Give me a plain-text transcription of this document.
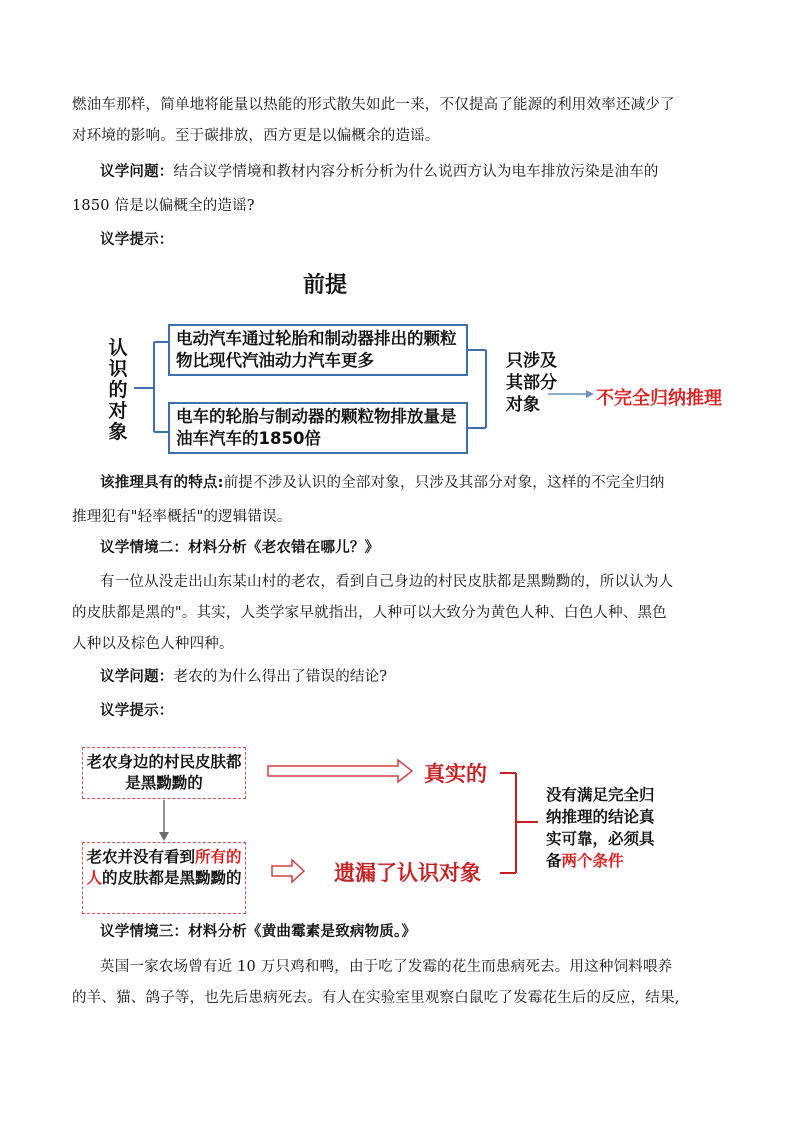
燃油车那样，简单地将能量以热能的形式散失如此一来，不仅提高了能源的利用效率还减少了
对环境的影响。至于碳排放，西方更是以偏概余的造谣。
议学问题：结合议学情境和教材内容分析分析为什么说西方认为电车排放污染是油车的
1850 倍是以偏概全的造谣?
议学提示：
前提
认
识
的
对
象
电动汽车通过轮胎和制动器排出的颗粒物比现代汽油动力汽车更多
电车的轮胎与制动器的颗粒物排放量是油车汽车的1850倍
只涉及其部分对象	不完全归纳推理
该推理具有的特点:前提不涉及认识的全部对象，只涉及其部分对象，这样的不完全归纳
推理犯有"轻率概括"的逻辑错误。
议学情境二：材料分析《老农错在哪儿？》
有一位从没走出山东某山村的老农，看到自己身边的村民皮肤都是黑黝黝的，所以认为人
的皮肤都是黑的"。其实，人类学家早就指出，人种可以大致分为黄色人种、白色人种、黑色
人种以及棕色人种四种。
议学问题：老农的为什么得出了错误的结论?
议学提示：
老农身边的村民皮肤都是黑黝黝的
老农并没有看到所有的人的皮肤都是黑黝黝的
真实的
遗漏了认识对象
没有满足完全归纳推理的结论真实可靠，必须具备两个条件
议学情境三：材料分析《黄曲霉素是致病物质。》
英国一家农场曾有近 10 万只鸡和鸭，由于吃了发霉的花生而患病死去。用这种饲料喂养
的羊、猫、鸽子等，也先后患病死去。有人在实验室里观察白鼠吃了发霉花生后的反应，结果,
